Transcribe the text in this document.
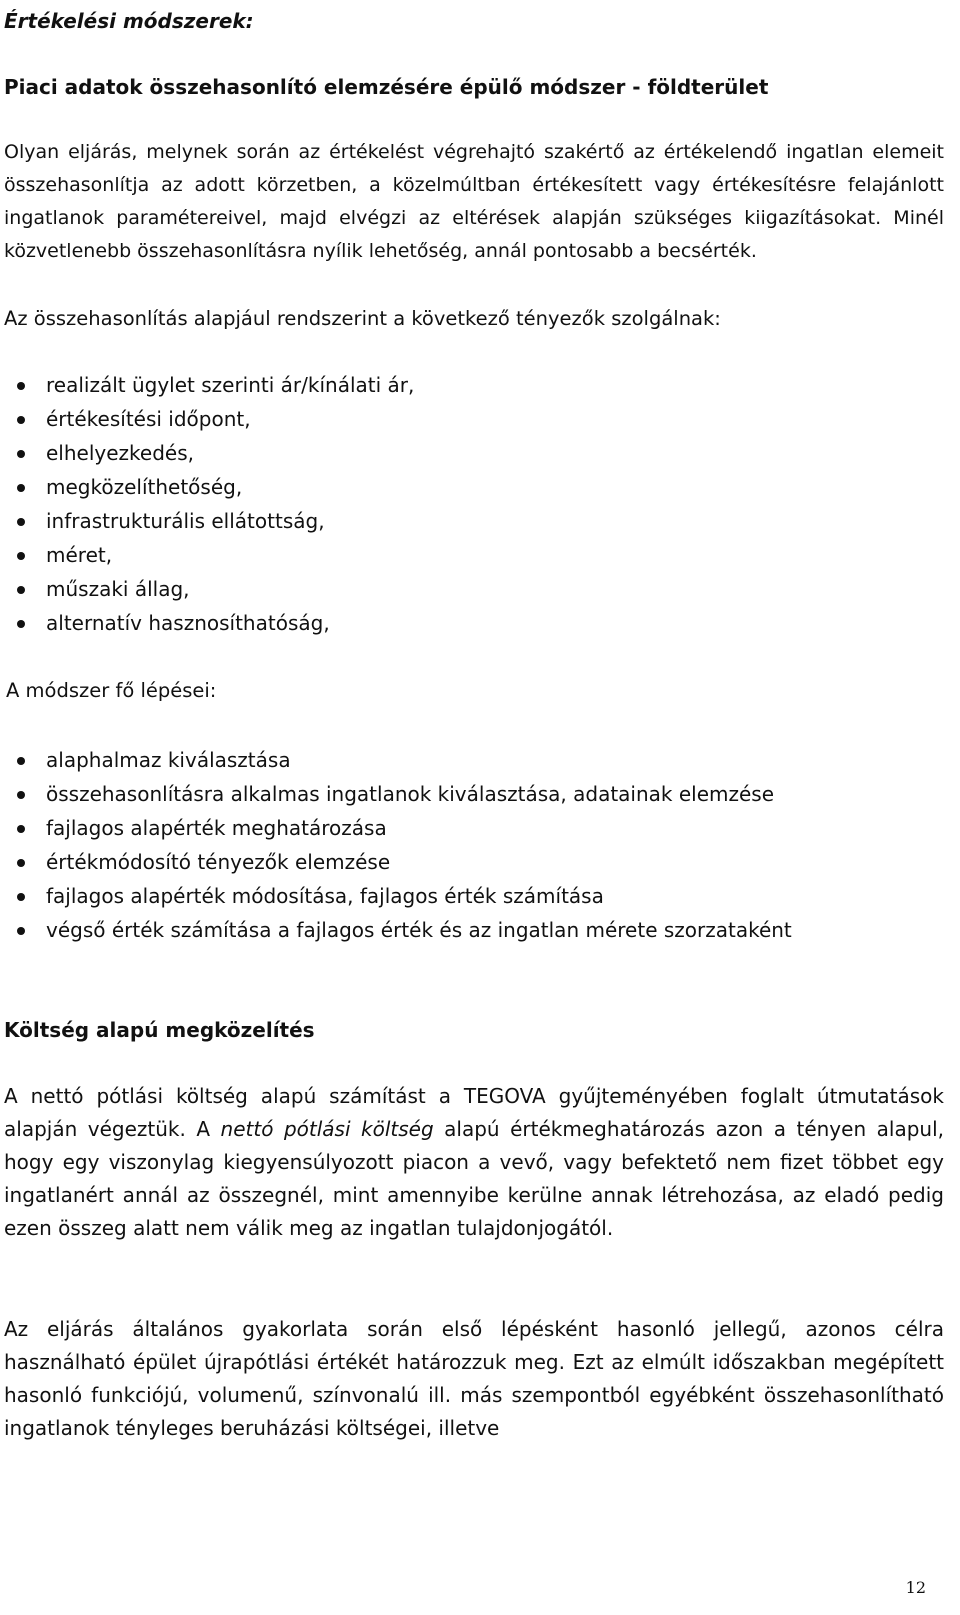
Értékelési módszerek:
Piaci adatok összehasonlító elemzésére épülő módszer - földterület

Olyan eljárás, melynek során az értékelést végrehajtó szakértő az értékelendő ingatlan elemeit összehasonlítja az adott körzetben, a közelmúltban értékesített vagy értékesítésre felajánlott ingatlanok paramétereivel, majd elvégzi az eltérések alapján szükséges kiigazításokat. Minél közvetlenebb összehasonlításra nyílik lehetőség, annál pontosabb a becsérték.

Az összehasonlítás alapjául rendszerint a következő tényezők szolgálnak:
realizált ügylet szerinti ár/kínálati ár,
értékesítési időpont,
elhelyezkedés,
megközelíthetőség,
infrastrukturális ellátottság,
méret,
műszaki állag,
alternatív hasznosíthatóság,
A módszer fő lépései:
alaphalmaz kiválasztása
összehasonlításra alkalmas ingatlanok kiválasztása, adatainak elemzése
fajlagos alapérték meghatározása
értékmódosító tényezők elemzése
fajlagos alapérték módosítása, fajlagos érték számítása
végső érték számítása a fajlagos érték és az ingatlan mérete szorzataként
Költség alapú megközelítés

A nettó pótlási költség alapú számítást a TEGOVA gyűjteményében foglalt útmutatások alapján végeztük. A nettó pótlási költség alapú értékmeghatározás azon a tényen alapul, hogy egy viszonylag kiegyensúlyozott piacon a vevő, vagy befektető nem fizet többet egy ingatlanért annál az összegnél, mint amennyibe kerülne annak létrehozása, az eladó pedig ezen összeg alatt nem válik meg az ingatlan tulajdonjogától.

Az eljárás általános gyakorlata során első lépésként hasonló jellegű, azonos célra használható épület újrapótlási értékét határozzuk meg. Ezt az elmúlt időszakban megépített hasonló funkciójú, volumenű, színvonalú ill. más szempontból egyébként összehasonlítható ingatlanok tényleges beruházási költségei, illetve

12
